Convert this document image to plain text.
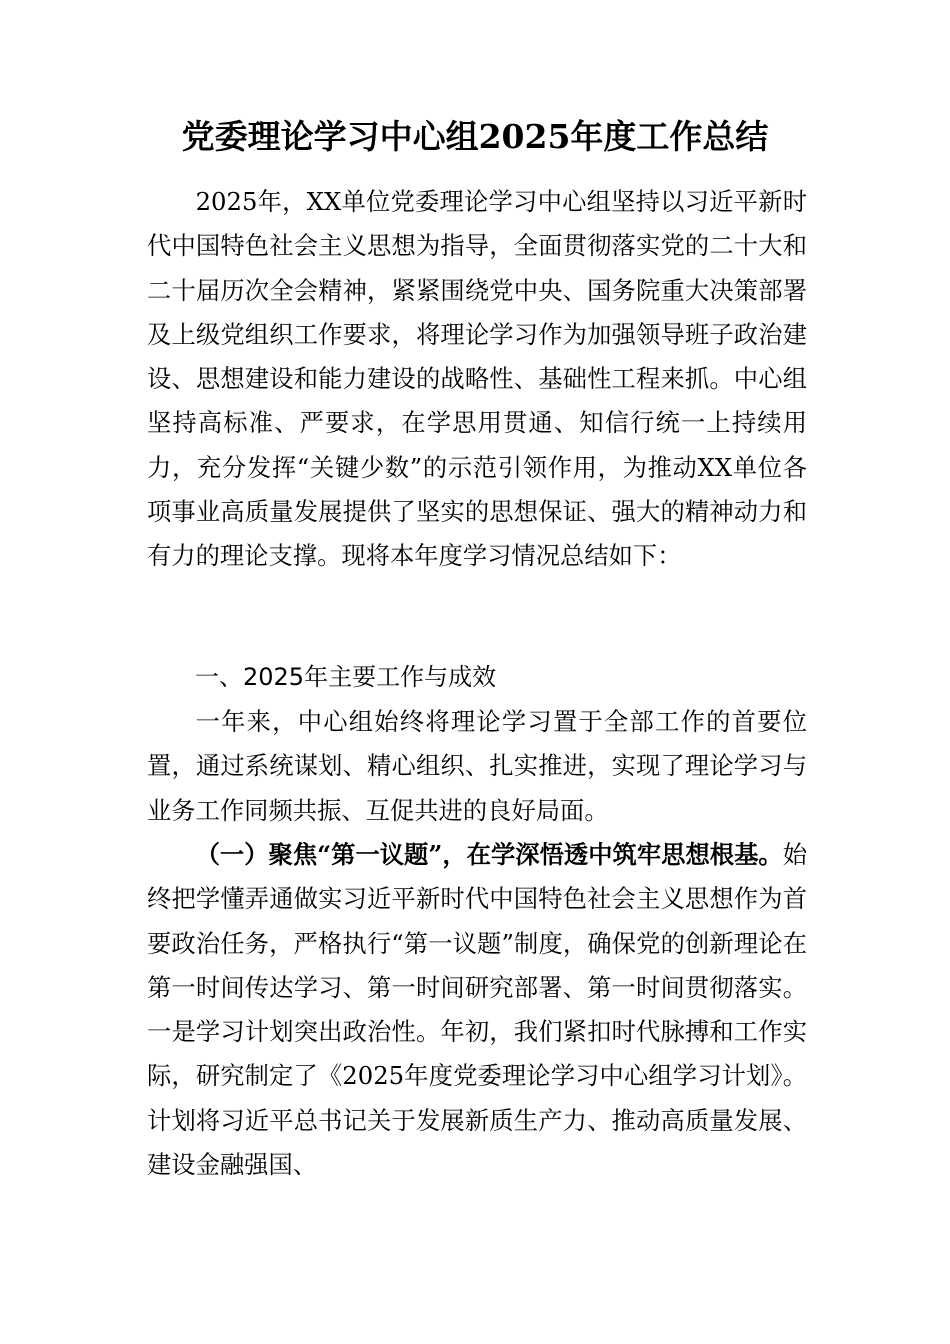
党委理论学习中心组2025年度工作总结

2025年，XX单位党委理论学习中心组坚持以习近平新时代中国特色社会主义思想为指导，全面贯彻落实党的二十大和二十届历次全会精神，紧紧围绕党中央、国务院重大决策部署及上级党组织工作要求，将理论学习作为加强领导班子政治建设、思想建设和能力建设的战略性、基础性工程来抓。中心组坚持高标准、严要求，在学思用贯通、知信行统一上持续用力，充分发挥“关键少数”的示范引领作用，为推动XX单位各项事业高质量发展提供了坚实的思想保证、强大的精神动力和有力的理论支撑。现将本年度学习情况总结如下：

一、2025年主要工作与成效

一年来，中心组始终将理论学习置于全部工作的首要位置，通过系统谋划、精心组织、扎实推进，实现了理论学习与业务工作同频共振、互促共进的良好局面。

（一）聚焦“第一议题”，在学深悟透中筑牢思想根基。始终把学懂弄通做实习近平新时代中国特色社会主义思想作为首要政治任务，严格执行“第一议题”制度，确保党的创新理论在第一时间传达学习、第一时间研究部署、第一时间贯彻落实。一是学习计划突出政治性。年初，我们紧扣时代脉搏和工作实际，研究制定了《2025年度党委理论学习中心组学习计划》。计划将习近平总书记关于发展新质生产力、推动高质量发展、建设金融强国、
